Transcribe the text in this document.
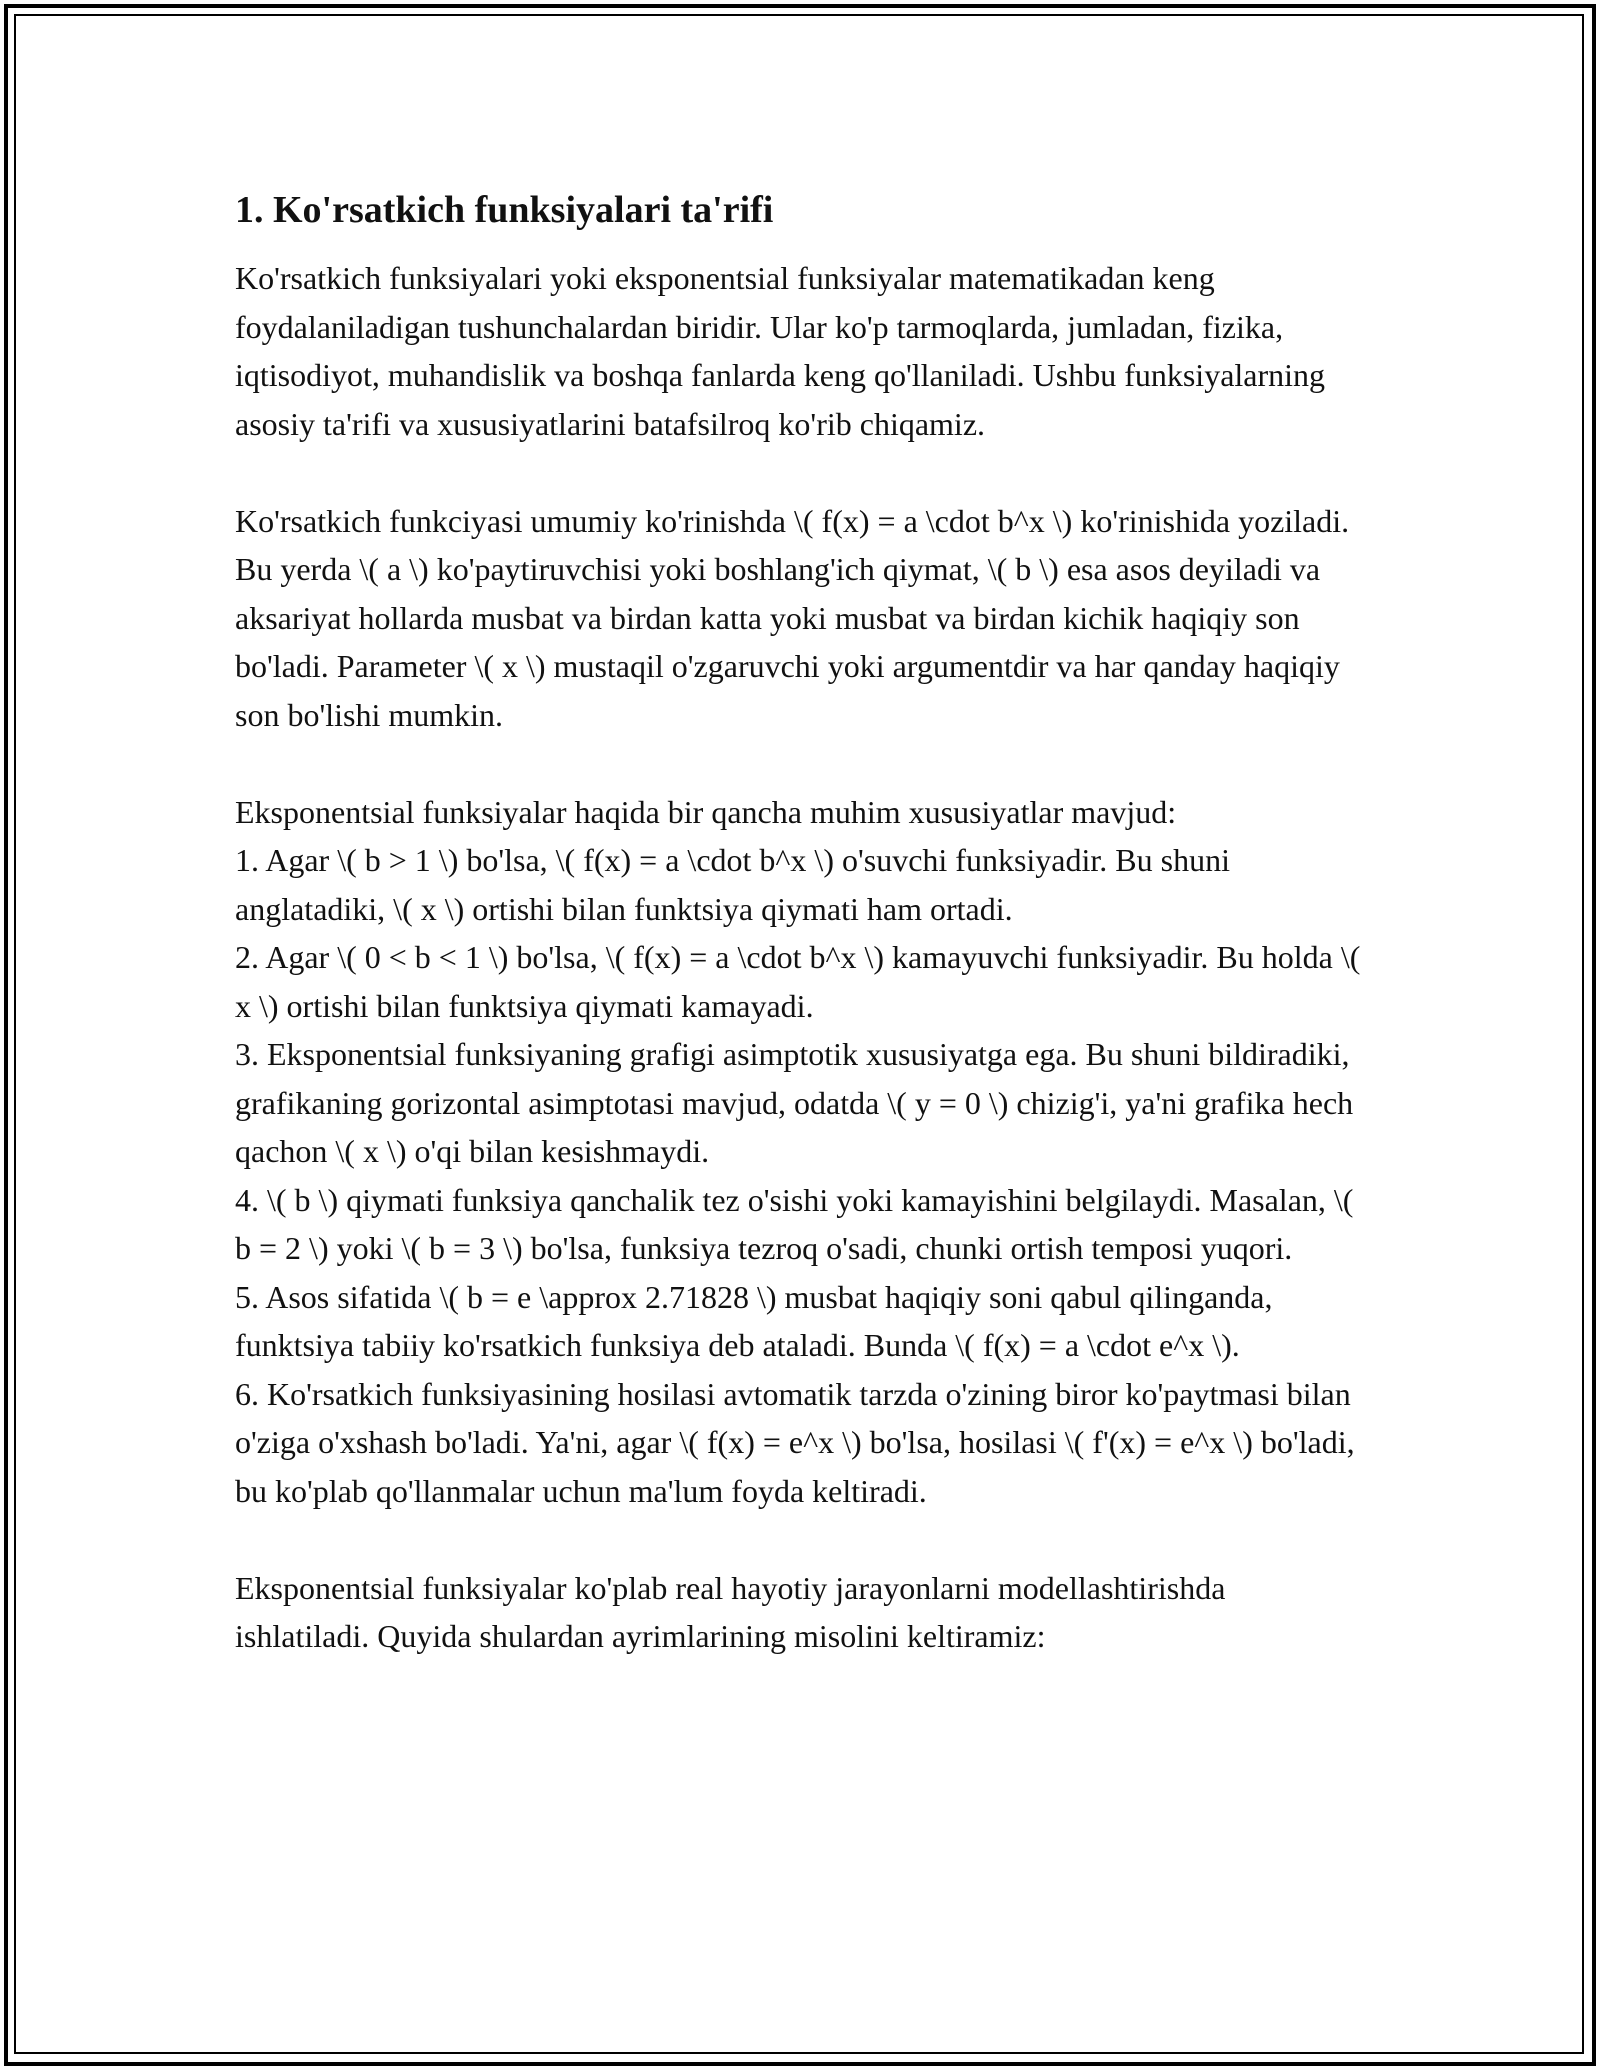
1. Ko'rsatkich funksiyalari ta'rifi

Ko'rsatkich funksiyalari yoki eksponentsial funksiyalar matematikadan keng foydalaniladigan tushunchalardan biridir. Ular ko'p tarmoqlarda, jumladan, fizika, iqtisodiyot, muhandislik va boshqa fanlarda keng qo'llaniladi. Ushbu funksiyalarning asosiy ta'rifi va xususiyatlarini batafsilroq ko'rib chiqamiz.

Ko'rsatkich funkciyasi umumiy ko'rinishda \( f(x) = a \cdot b^x \) ko'rinishida yoziladi. Bu yerda \( a \) ko'paytiruvchisi yoki boshlang'ich qiymat, \( b \) esa asos deyiladi va aksariyat hollarda musbat va birdan katta yoki musbat va birdan kichik haqiqiy son bo'ladi. Parameter \( x \) mustaqil o'zgaruvchi yoki argumentdir va har qanday haqiqiy son bo'lishi mumkin.

Eksponentsial funksiyalar haqida bir qancha muhim xususiyatlar mavjud:
1. Agar \( b > 1 \) bo'lsa, \( f(x) = a \cdot b^x \) o'suvchi funksiyadir. Bu shuni anglatadiki, \( x \) ortishi bilan funktsiya qiymati ham ortadi.
2. Agar \( 0 < b < 1 \) bo'lsa, \( f(x) = a \cdot b^x \) kamayuvchi funksiyadir. Bu holda \( x \) ortishi bilan funktsiya qiymati kamayadi.
3. Eksponentsial funksiyaning grafigi asimptotik xususiyatga ega. Bu shuni bildiradiki, grafikaning gorizontal asimptotasi mavjud, odatda \( y = 0 \) chizig'i, ya'ni grafika hech qachon \( x \) o'qi bilan kesishmaydi.
4. \( b \) qiymati funksiya qanchalik tez o'sishi yoki kamayishini belgilaydi. Masalan, \( b = 2 \) yoki \( b = 3 \) bo'lsa, funksiya tezroq o'sadi, chunki ortish temposi yuqori.
5. Asos sifatida \( b = e \approx 2.71828 \) musbat haqiqiy soni qabul qilinganda, funktsiya tabiiy ko'rsatkich funksiya deb ataladi. Bunda \( f(x) = a \cdot e^x \).
6. Ko'rsatkich funksiyasining hosilasi avtomatik tarzda o'zining biror ko'paytmasi bilan o'ziga o'xshash bo'ladi. Ya'ni, agar \( f(x) = e^x \) bo'lsa, hosilasi \( f'(x) = e^x \) bo'ladi, bu ko'plab qo'llanmalar uchun ma'lum foyda keltiradi.

Eksponentsial funksiyalar ko'plab real hayotiy jarayonlarni modellashtirishda ishlatiladi. Quyida shulardan ayrimlarining misolini keltiramiz:
